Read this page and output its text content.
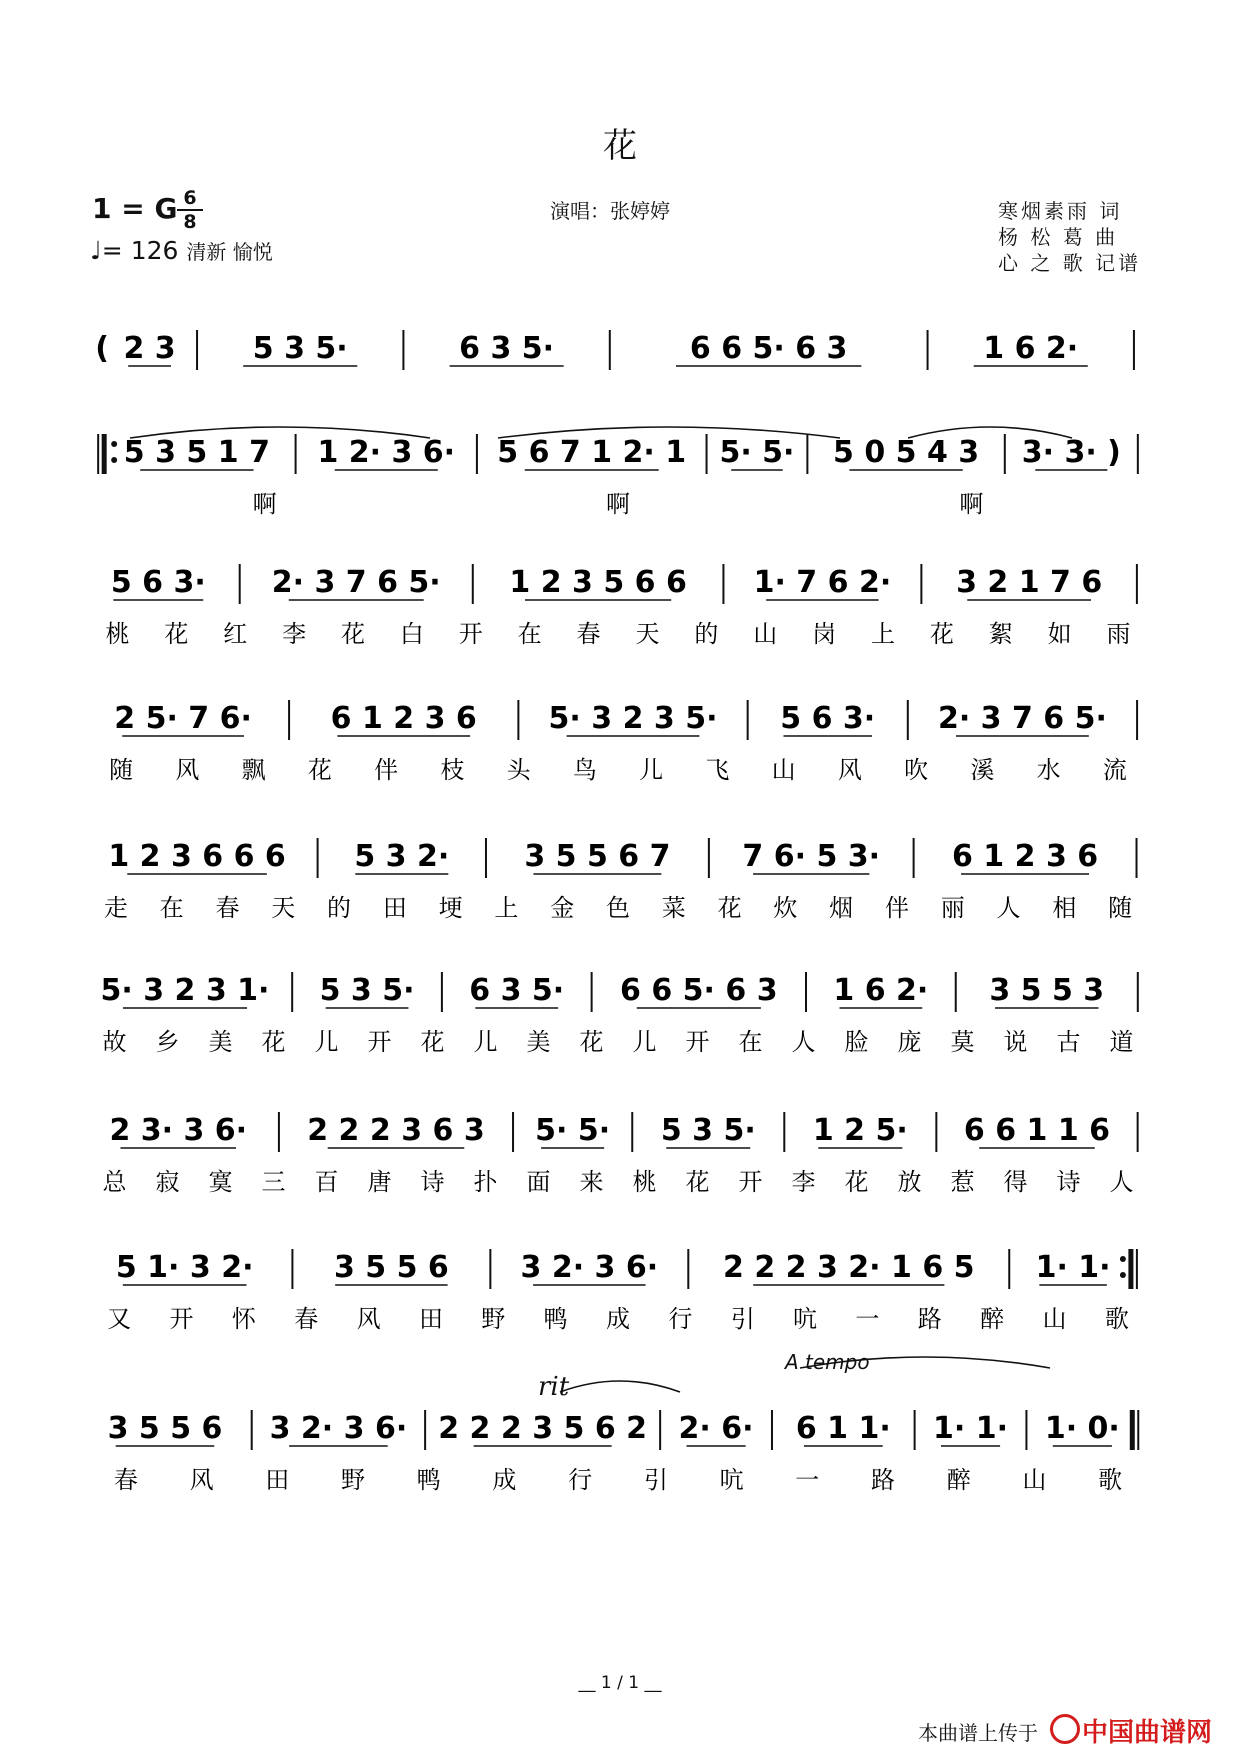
花
1 = G 6
8
♩= 126 清新 愉悦
演唱：张婷婷	寒烟素雨 词
杨 松 葛 曲
心 之 歌 记谱
( 2 3	5 3 5·	6 3 5·	6 6 5· 6 3	1 6 2·
5 3 5 1 7 1 2· 3 6· 5 6 7 1 2· 1 5· 5· 5 0 5 4 3 3· 3· )
啊	啊	啊
5 6 3· 2· 3 7 6 5· 1 2 3 5 6 6 1· 7 6 2· 3 2 1 7 6
桃 花 红 李 花 白 开 在 春 天 的 山 岗 上 花 絮 如 雨
2 5· 7 6·	6 1 2 3 6 5· 3 2 3 5· 5 6 3· 2· 3 7 6 5·
随 风 飘 花 伴 枝 头 鸟 儿 飞 山 风 吹 溪 水 流
1 2 3 6 6 6 5 3 2·	3 5 5 6 7 7 6· 5 3· 6 1 2 3 6
走 在 春 天 的 田 埂 上 金 色 菜 花 炊 烟 伴 丽 人 相 随
5· 3 2 3 1· 5 3 5· 6 3 5· 6 6 5· 6 3 1 6 2· 3 5 5 3
故 乡 美 花 儿 开 花 儿 美 花 儿 开 在 人 脸 庞 莫 说 古 道
2 3· 3 6· 2 2 2 3 6 3 5· 5· 5 3 5· 1 2 5· 6 6 1 1 6
总 寂 寞 三 百 唐 诗 扑 面 来 桃 花 开 李 花 放 惹 得 诗 人
5 1· 3 2·	3 5 5 6 3 2· 3 6· 2 2 2 3 2· 1 6 5 1· 1·
又 开 怀 春 风 田 野 鸭 成 行 引 吭 一 路 醉 山 歌
3 5 5 6 3 2· 3 6· 2 2 2 3 5 6 2 2· 6· 6 1 1· 1· 1· 1· 0·
春 风 田 野 鸭 成 行 引 吭 一 路 醉 山 歌
rit
A tempo
__ 1 / 1 __
本曲谱上传于	中国曲谱网
